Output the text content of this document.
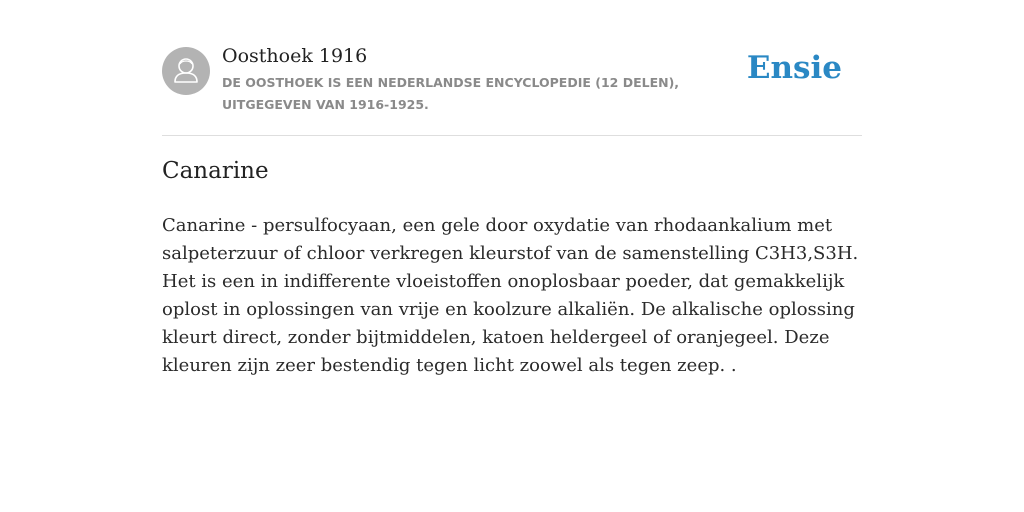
Oosthoek 1916
DE OOSTHOEK IS EEN NEDERLANDSE ENCYCLOPEDIE (12 DELEN), UITGEGEVEN VAN 1916-1925.
Ensie
Canarine

Canarine - persulfocyaan, een gele door oxydatie van rhodaankalium met salpeterzuur of chloor verkregen kleurstof van de samenstelling C3H3,S3H. Het is een in indifferente vloeistoffen onoplosbaar poeder, dat gemakkelijk oplost in oplossingen van vrije en koolzure alkaliën. De alkalische oplossing kleurt direct, zonder bijtmiddelen, katoen heldergeel of oranjegeel. Deze kleuren zijn zeer bestendig tegen licht zoowel als tegen zeep. .
